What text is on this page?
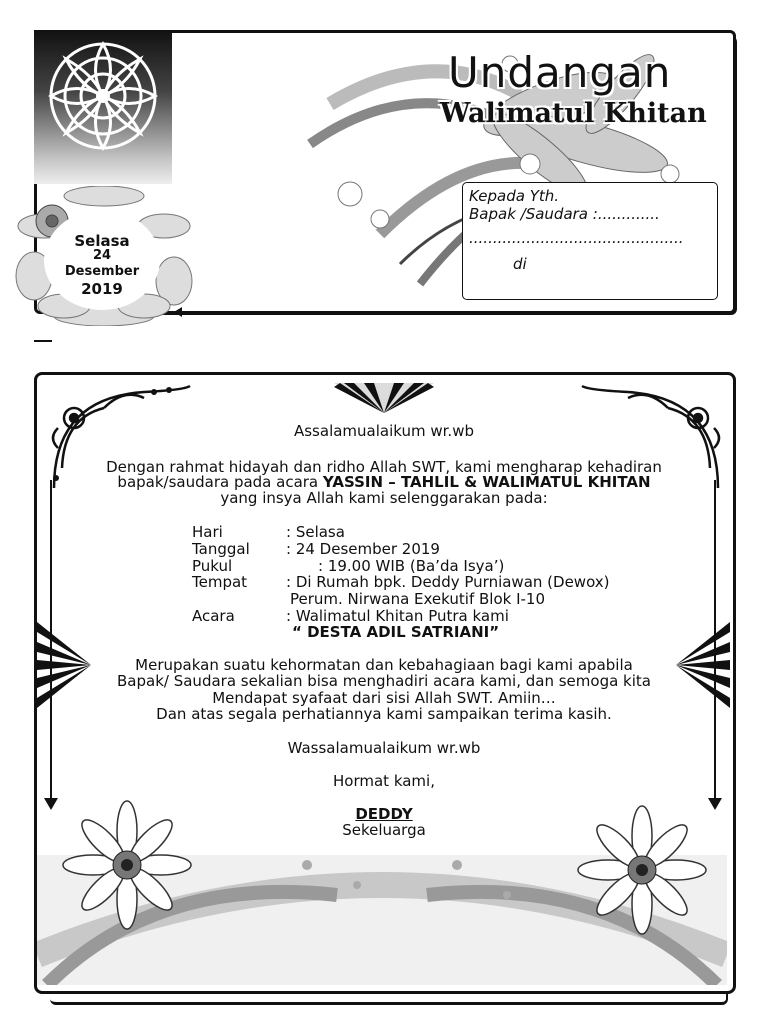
Undangan
Walimatul Khitan
Kepada Yth.
Bapak /Saudara :.............
.............................................
di
Selasa
24
Desember
2019
Assalamualaikum wr.wb
Dengan rahmat hidayah dan ridho Allah SWT, kami mengharap kehadiran
bapak/saudara pada acara YASSIN – TAHLIL & WALIMATUL KHITAN
yang insya Allah kami selenggarakan pada:
Hari	: Selasa
Tanggal : 24 Desember 2019
Pukul	: 19.00 WIB (Ba’da Isya’)
Tempat	: Di Rumah bpk. Deddy Purniawan (Dewox)
Perum. Nirwana Exekutif Blok I-10
Acara	: Walimatul Khitan Putra kami
“ DESTA ADIL SATRIANI”
Merupakan suatu kehormatan dan kebahagiaan bagi kami apabila
Bapak/ Saudara sekalian bisa menghadiri acara kami, dan semoga kita
Mendapat syafaat dari sisi Allah SWT. Amiin…
Dan atas segala perhatiannya kami sampaikan terima kasih.
Wassalamualaikum wr.wb
Hormat kami,
DEDDY
Sekeluarga
